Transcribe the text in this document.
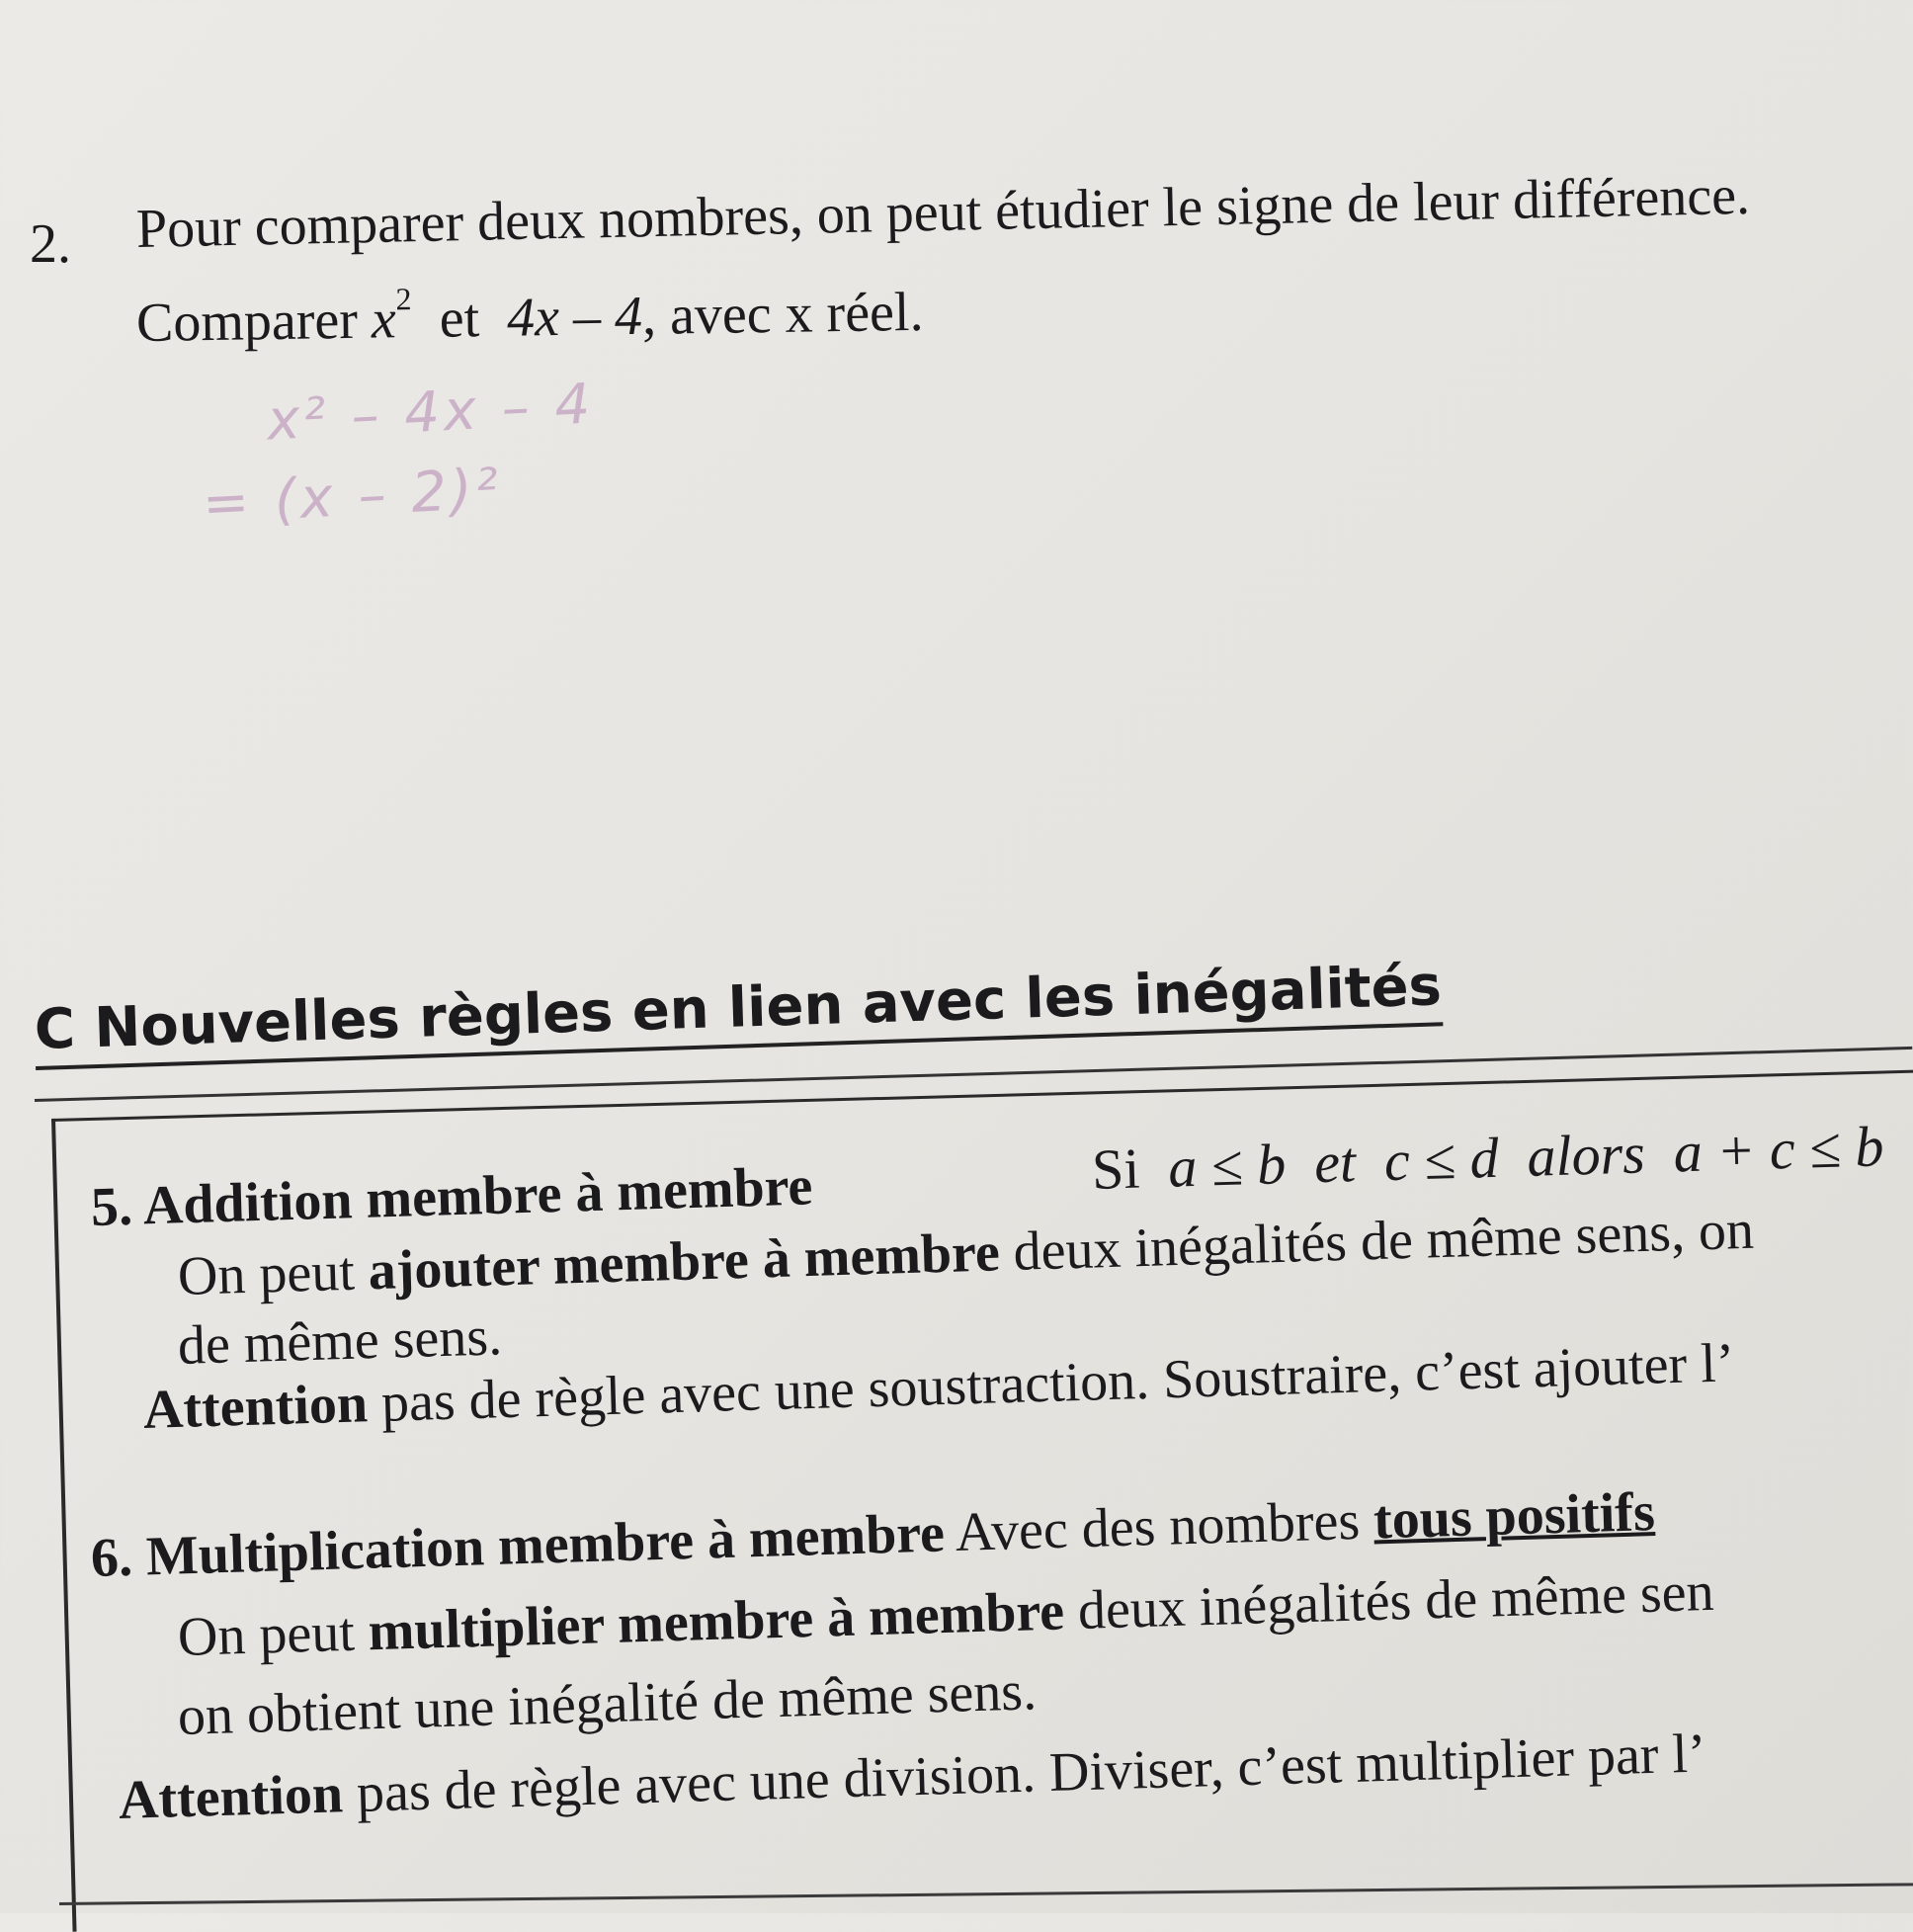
2. Pour comparer deux nombres, on peut étudier le signe de leur différence.
Comparer $x^2$ et 4x – 4, avec x réel.
x² – 4x – 4
= (x – 2)²
C Nouvelles règles en lien avec les inégalités
5. Addition membre à membre	Si a ≤ b et c ≤ d alors a + c ≤ b
On peut ajouter membre à membre deux inégalités de même sens, on
de même sens.
Attention pas de règle avec une soustraction. Soustraire, c’est ajouter l’
6. Multiplication membre à membre Avec des nombres tous positifs
On peut multiplier membre à membre deux inégalités de même sen
on obtient une inégalité de même sens.
Attention pas de règle avec une division. Diviser, c’est multiplier par l’
